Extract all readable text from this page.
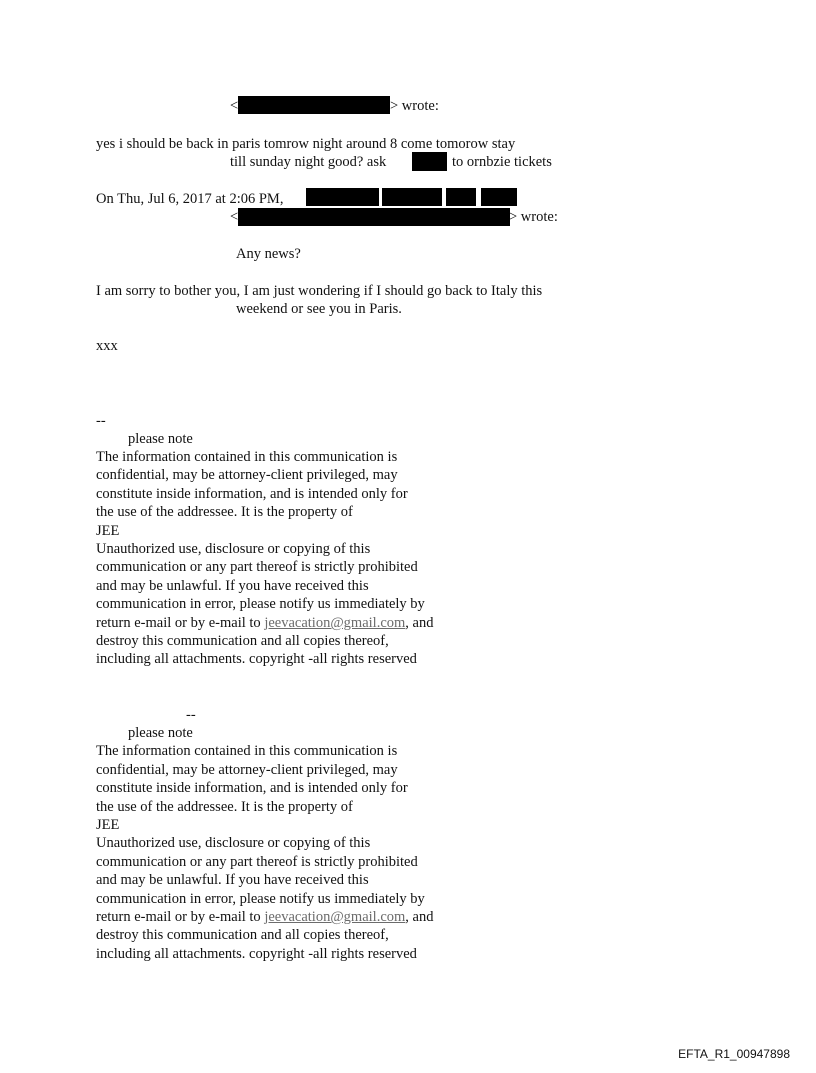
<	> wrote:
yes i should be back in paris tomrow night around 8 come tomorow stay
till sunday night good? ask	to ornbzie tickets
On Thu, Jul 6, 2017 at 2:06 PM,
<	> wrote:
Any news?
I am sorry to bother you, I am just wondering if I should go back to Italy this
weekend or see you in Paris.
xxx
--
please note
The information contained in this communication is
confidential, may be attorney-client privileged, may
constitute inside information, and is intended only for
the use of the addressee. It is the property of
JEE
Unauthorized use, disclosure or copying of this
communication or any part thereof is strictly prohibited
and may be unlawful. If you have received this
communication in error, please notify us immediately by
return e-mail or by e-mail to jeevacation@gmail.com, and
destroy this communication and all copies thereof,
including all attachments. copyright -all rights reserved
--
please note
The information contained in this communication is
confidential, may be attorney-client privileged, may
constitute inside information, and is intended only for
the use of the addressee. It is the property of
JEE
Unauthorized use, disclosure or copying of this
communication or any part thereof is strictly prohibited
and may be unlawful. If you have received this
communication in error, please notify us immediately by
return e-mail or by e-mail to jeevacation@gmail.com, and
destroy this communication and all copies thereof,
including all attachments. copyright -all rights reserved
EFTA_R1_00947898
